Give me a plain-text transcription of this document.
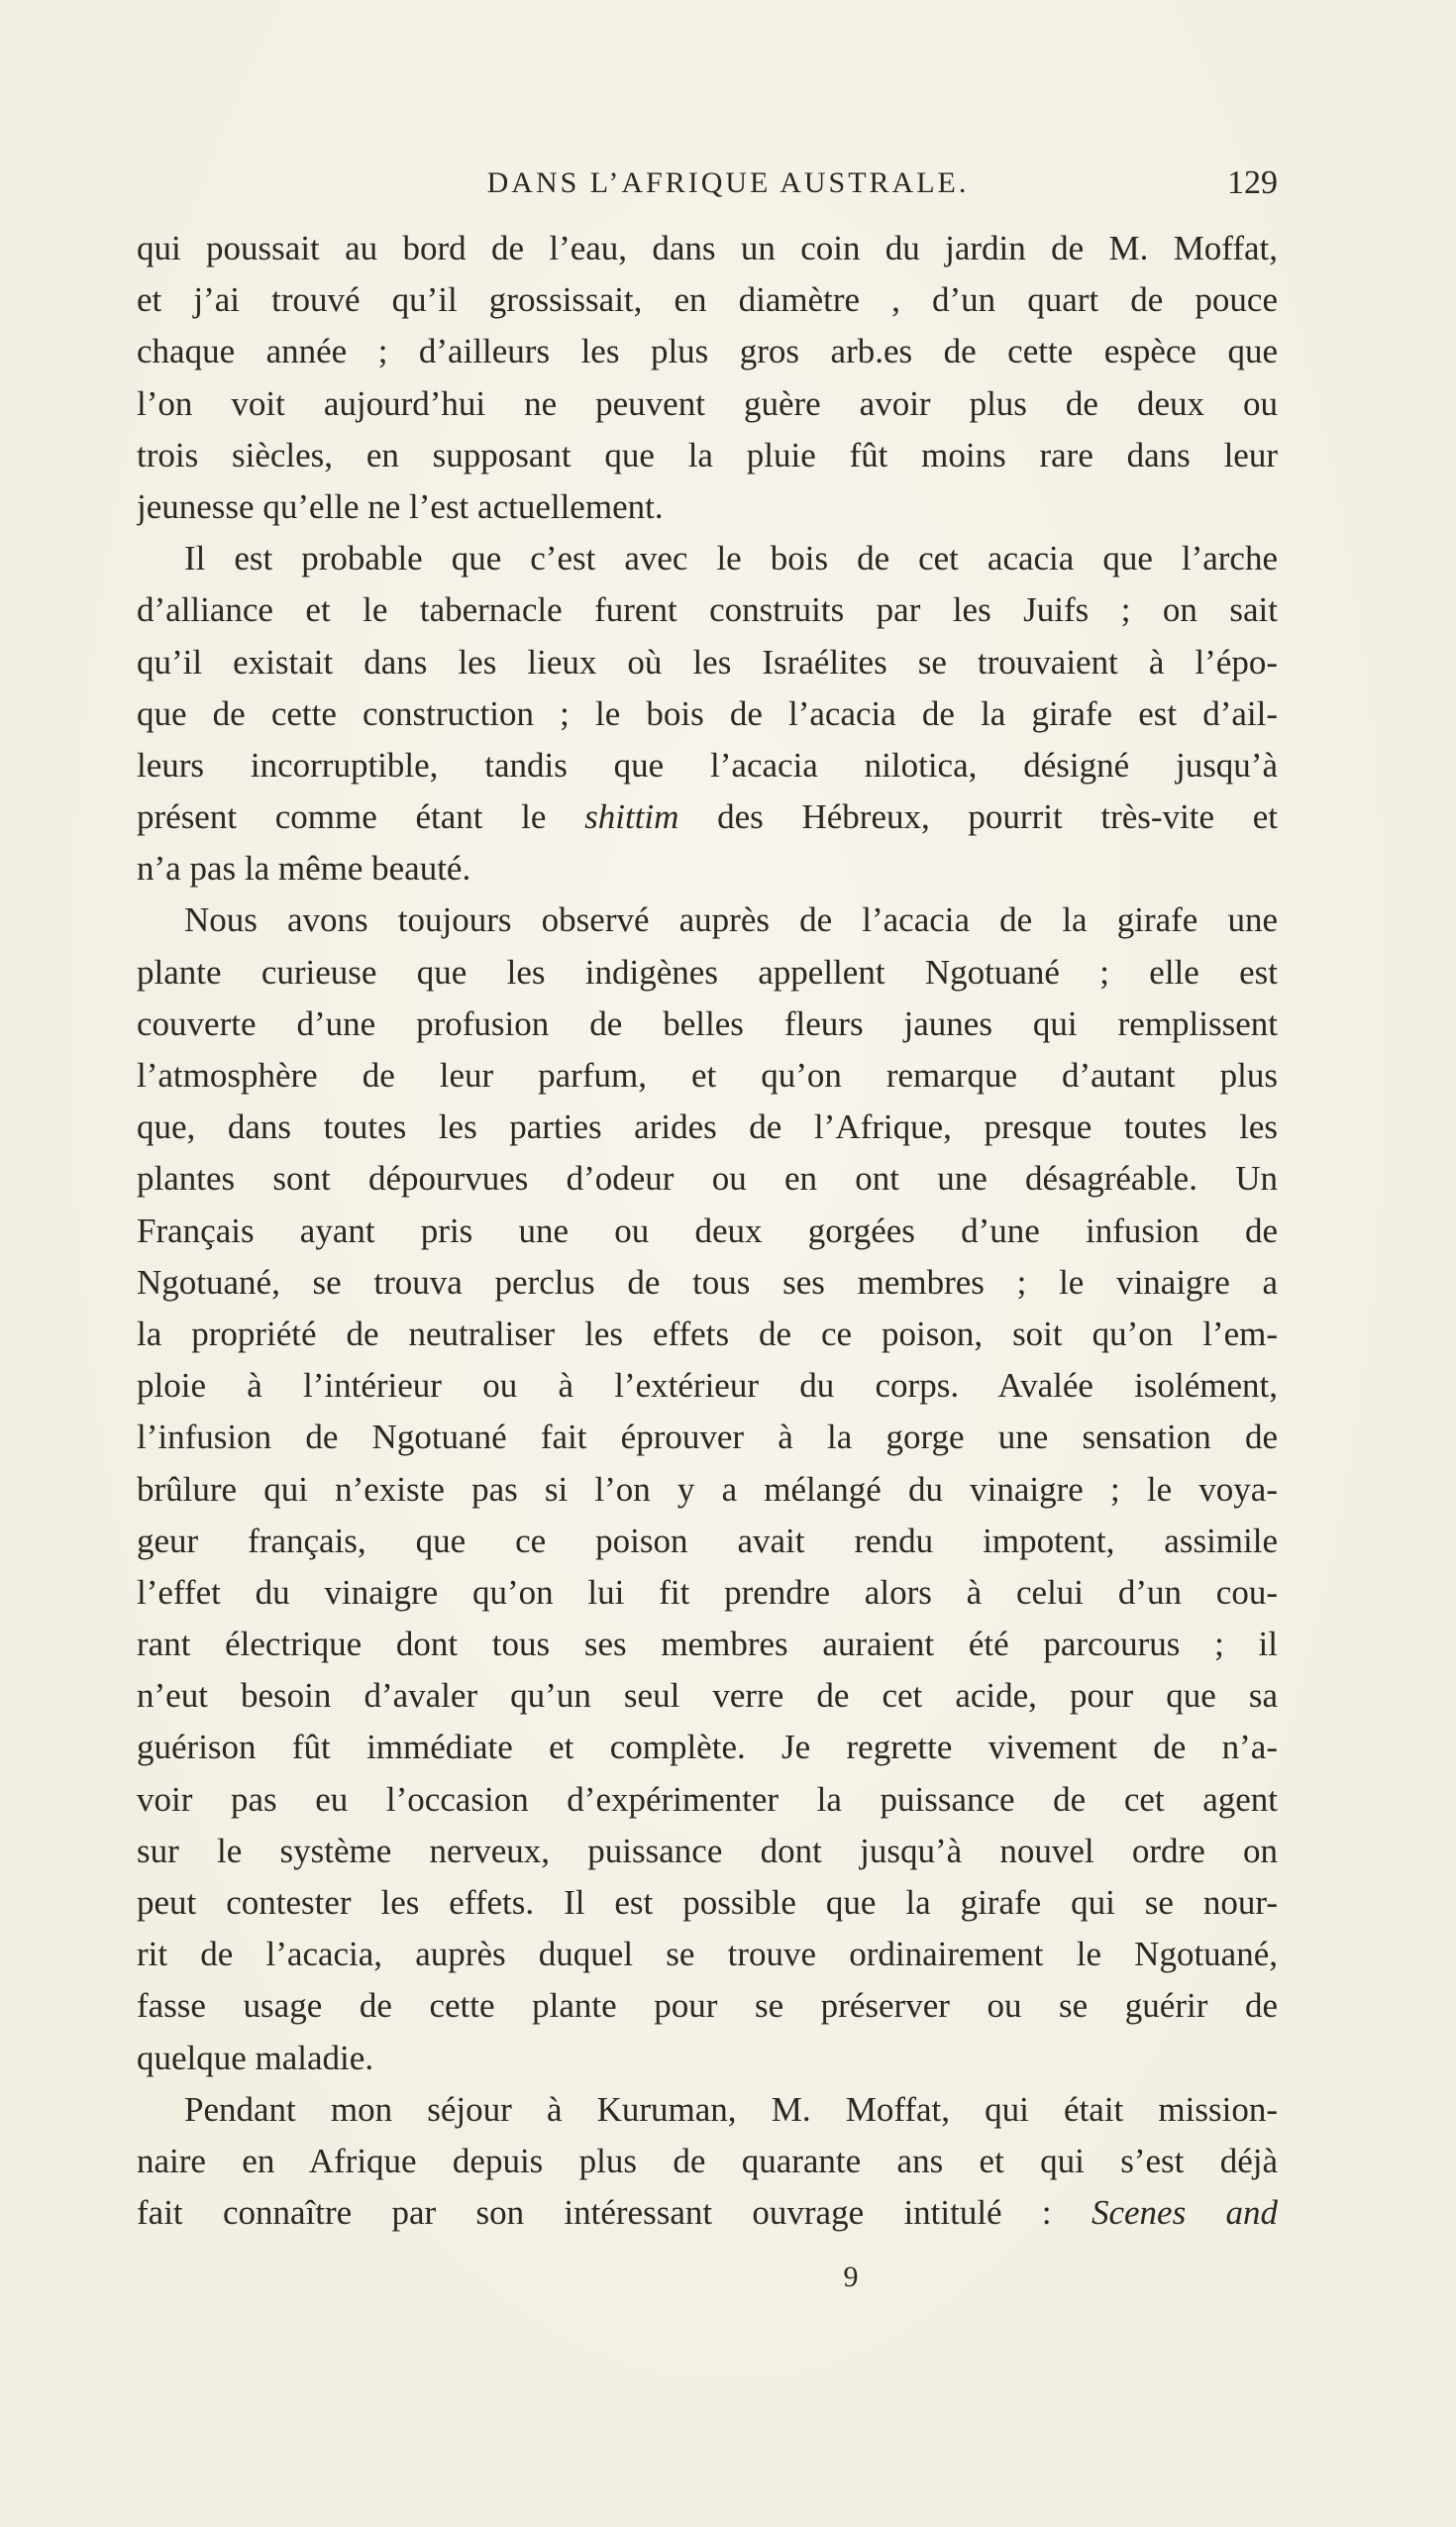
DANS L’AFRIQUE AUSTRALE.	129
qui poussait au bord de l’eau, dans un coin du jardin de M. Moffat,
et j’ai trouvé qu’il grossissait, en diamètre , d’un quart de pouce
chaque année ; d’ailleurs les plus gros arb.es de cette espèce que
l’on voit aujourd’hui ne peuvent guère avoir plus de deux ou
trois siècles, en supposant que la pluie fût moins rare dans leur
jeunesse qu’elle ne l’est actuellement.
Il est probable que c’est avec le bois de cet acacia que l’arche
d’alliance et le tabernacle furent construits par les Juifs ; on sait
qu’il existait dans les lieux où les Israélites se trouvaient à l’épo-
que de cette construction ; le bois de l’acacia de la girafe est d’ail-
leurs incorruptible, tandis que l’acacia nilotica, désigné jusqu’à
présent comme étant le shittim des Hébreux, pourrit très-vite et
n’a pas la même beauté.
Nous avons toujours observé auprès de l’acacia de la girafe une
plante curieuse que les indigènes appellent Ngotuané ; elle est
couverte d’une profusion de belles fleurs jaunes qui remplissent
l’atmosphère de leur parfum, et qu’on remarque d’autant plus
que, dans toutes les parties arides de l’Afrique, presque toutes les
plantes sont dépourvues d’odeur ou en ont une désagréable. Un
Français ayant pris une ou deux gorgées d’une infusion de
Ngotuané, se trouva perclus de tous ses membres ; le vinaigre a
la propriété de neutraliser les effets de ce poison, soit qu’on l’em-
ploie à l’intérieur ou à l’extérieur du corps. Avalée isolément,
l’infusion de Ngotuané fait éprouver à la gorge une sensation de
brûlure qui n’existe pas si l’on y a mélangé du vinaigre ; le voya-
geur français, que ce poison avait rendu impotent, assimile
l’effet du vinaigre qu’on lui fit prendre alors à celui d’un cou-
rant électrique dont tous ses membres auraient été parcourus ; il
n’eut besoin d’avaler qu’un seul verre de cet acide, pour que sa
guérison fût immédiate et complète. Je regrette vivement de n’a-
voir pas eu l’occasion d’expérimenter la puissance de cet agent
sur le système nerveux, puissance dont jusqu’à nouvel ordre on
peut contester les effets. Il est possible que la girafe qui se nour-
rit de l’acacia, auprès duquel se trouve ordinairement le Ngotuané,
fasse usage de cette plante pour se préserver ou se guérir de
quelque maladie.
Pendant mon séjour à Kuruman, M. Moffat, qui était mission-
naire en Afrique depuis plus de quarante ans et qui s’est déjà
fait connaître par son intéressant ouvrage intitulé : Scenes and
9
